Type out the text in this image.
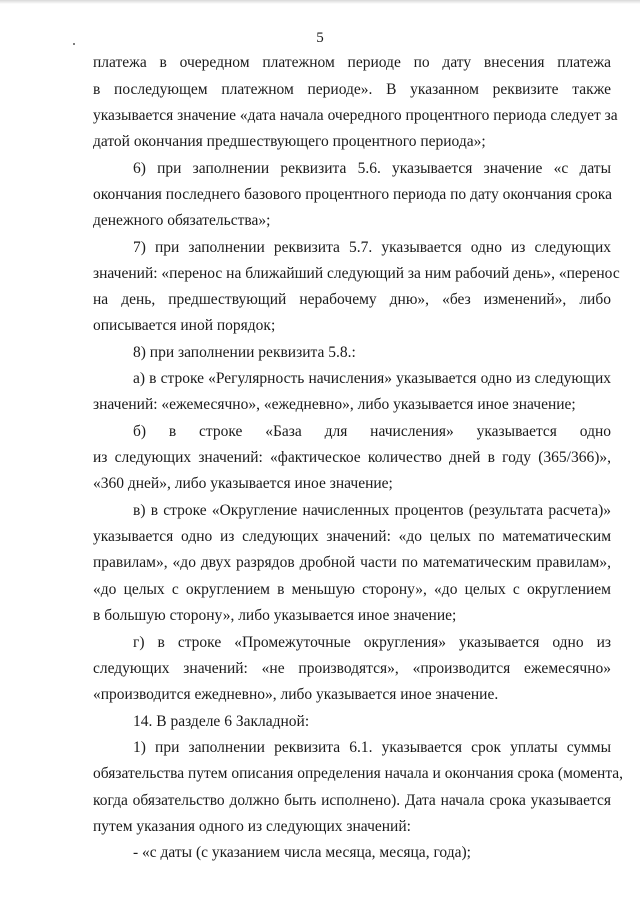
5
платежа в очередном платежном периоде по дату внесения платежа
в последующем платежном периоде». В указанном реквизите также
указывается значение «дата начала очередного процентного периода следует за
датой окончания предшествующего процентного периода»;
6) при заполнении реквизита 5.6. указывается значение «с даты
окончания последнего базового процентного периода по дату окончания срока
денежного обязательства»;
7) при заполнении реквизита 5.7. указывается одно из следующих
значений: «перенос на ближайший следующий за ним рабочий день», «перенос
на день, предшествующий нерабочему дню», «без изменений», либо
описывается иной порядок;
8) при заполнении реквизита 5.8.:
а) в строке «Регулярность начисления» указывается одно из следующих
значений: «ежемесячно», «ежедневно», либо указывается иное значение;
б) в строке «База для начисления» указывается одно
из следующих значений: «фактическое количество дней в году (365/366)»,
«360 дней», либо указывается иное значение;
в) в строке «Округление начисленных процентов (результата расчета)»
указывается одно из следующих значений: «до целых по математическим
правилам», «до двух разрядов дробной части по математическим правилам»,
«до целых с округлением в меньшую сторону», «до целых с округлением
в большую сторону», либо указывается иное значение;
г) в строке «Промежуточные округления» указывается одно из
следующих значений: «не производятся», «производится ежемесячно»
«производится ежедневно», либо указывается иное значение.
14. В разделе 6 Закладной:
1) при заполнении реквизита 6.1. указывается срок уплаты суммы
обязательства путем описания определения начала и окончания срока (момента,
когда обязательство должно быть исполнено). Дата начала срока указывается
путем указания одного из следующих значений:
- «с даты (с указанием числа месяца, месяца, года);
